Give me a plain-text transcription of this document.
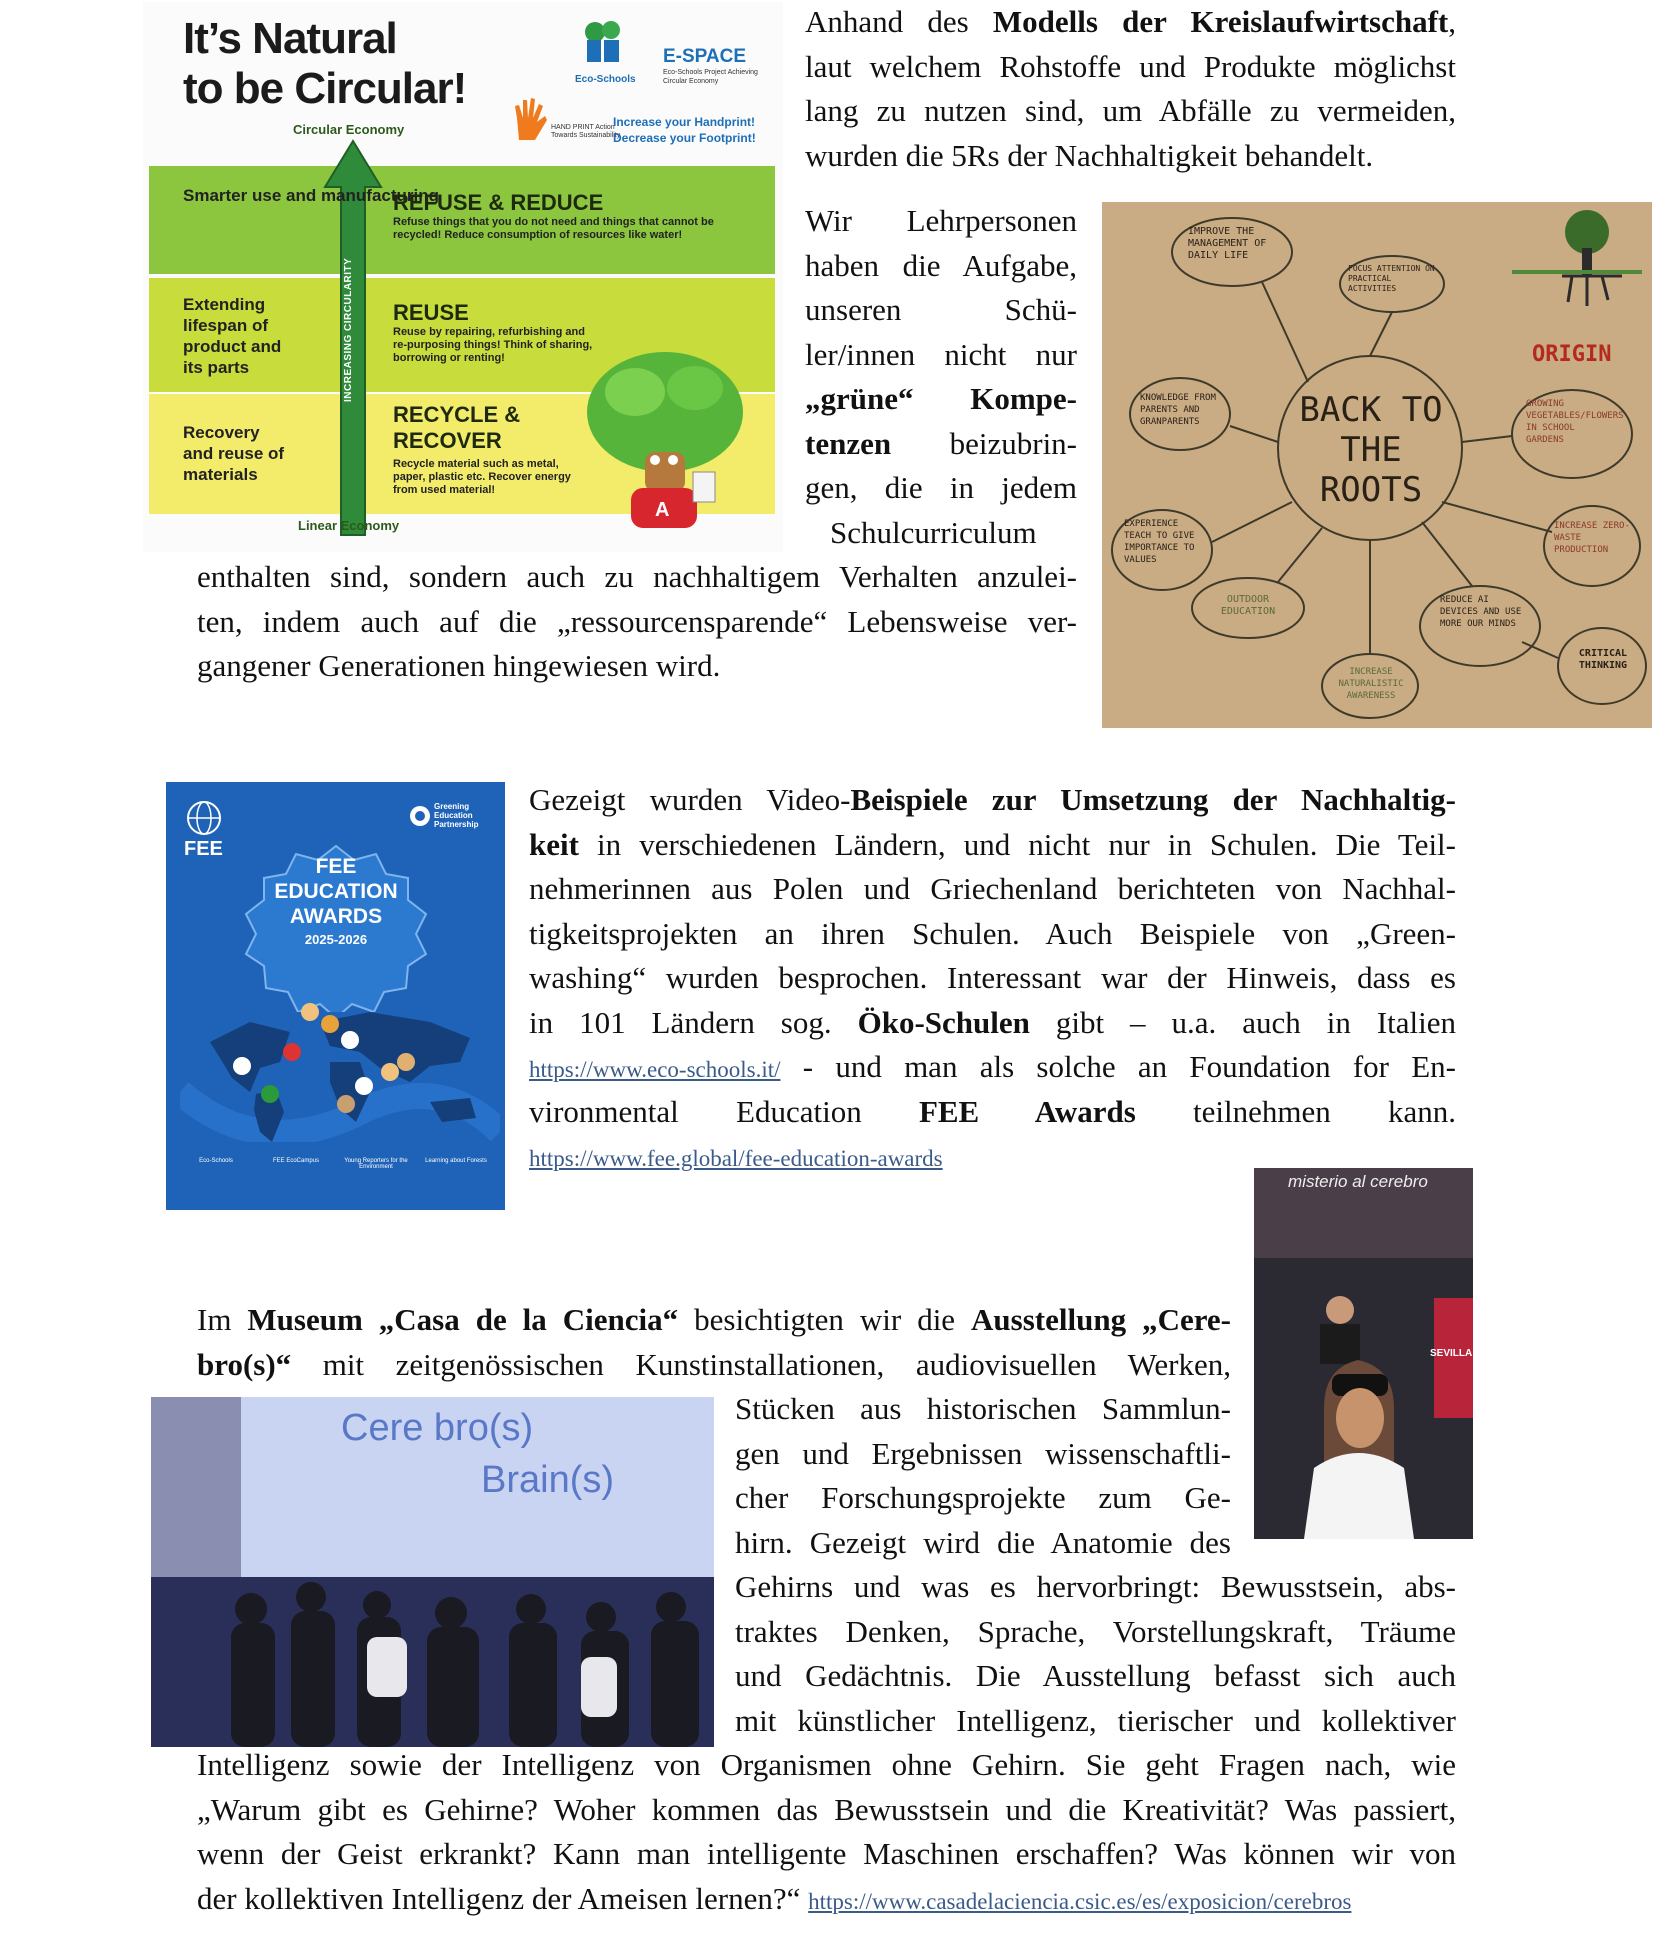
It’s Natural
to be Circular!	Eco-Schools
E-SPACE
Eco-Schools Project Achieving Circular Economy
HAND PRINT Action Towards Sustainability
Increase your Handprint!
Decrease your Footprint!
Circular Economy
INCREASING CIRCULARITY
Smarter use and manufacturing
REFUSE & REDUCE
Refuse things that you do not need and things that cannot be recycled! Reduce consumption of resources like water!
Extending lifespan of product and its parts
REUSE
Reuse by repairing, refurbishing and re-purposing things! Think of sharing, borrowing or renting!
Recovery and reuse of materials
RECYCLE & RECOVER
Recycle material such as metal, paper, plastic etc. Recover energy from used material!
A
Linear Economy
Anhand des Modells der Kreislaufwirtschaft,
laut welchem Rohstoffe und Produkte möglichst
lang zu nutzen sind, um Abfälle zu vermeiden,
wurden die 5Rs der Nachhaltigkeit behandelt.
Wir Lehrpersonen
haben die Aufgabe,
unseren Schü-
ler/innen nicht nur
„grüne“ Kompe-
tenzen beizubrin-
gen, die in jedem
Schulcurriculum
enthalten sind, sondern auch zu nachhaltigem Verhalten anzulei-
ten, indem auch auf die „ressourcensparende“ Lebensweise ver-
gangener Generationen hingewiesen wird.
BACK TO THE ROOTS
ORIGIN
IMPROVE THE MANAGEMENT OF DAILY LIFE
FOCUS ATTENTION ON PRACTICAL ACTIVITIES
KNOWLEDGE FROM PARENTS AND GRANPARENTS
GROWING VEGETABLES/FLOWERS IN SCHOOL GARDENS
EXPERIENCE TEACH TO GIVE IMPORTANCE TO VALUES
INCREASE ZERO-WASTE PRODUCTION
OUTDOOR EDUCATION
REDUCE AI DEVICES AND USE MORE OUR MINDS
CRITICAL THINKING
INCREASE NATURALISTIC AWARENESS
FEE
Greening Education Partnership
FEE
EDUCATION
AWARDS
2025-2026
Eco-Schools	FEE EcoCampus	Young Reporters for the Environment
Learning about Forests
Gezeigt wurden Video-Beispiele zur Umsetzung der Nachhaltig-
keit in verschiedenen Ländern, und nicht nur in Schulen. Die Teil-
nehmerinnen aus Polen und Griechenland berichteten von Nachhal-
tigkeitsprojekten an ihren Schulen. Auch Beispiele von „Green-
washing“ wurden besprochen. Interessant war der Hinweis, dass es
in 101 Ländern sog. Öko-Schulen gibt – u.a. auch in Italien
https://www.eco-schools.it/ - und man als solche an Foundation for En-
vironmental Education FEE Awards teilnehmen kann.
https://www.fee.global/fee-education-awards
misterio al cerebro
SEVILLA
Im Museum „Casa de la Ciencia“ besichtigten wir die Ausstellung „Cere-
bro(s)“ mit zeitgenössischen Kunstinstallationen, audiovisuellen Werken,
Stücken aus historischen Sammlun-
gen und Ergebnissen wissenschaftli-
cher Forschungsprojekte zum Ge-
hirn. Gezeigt wird die Anatomie des
Gehirns und was es hervorbringt: Bewusstsein, abs-
traktes Denken, Sprache, Vorstellungskraft, Träume
und Gedächtnis. Die Ausstellung befasst sich auch
mit künstlicher Intelligenz, tierischer und kollektiver
Intelligenz sowie der Intelligenz von Organismen ohne Gehirn. Sie geht Fragen nach, wie
„Warum gibt es Gehirne? Woher kommen das Bewusstsein und die Kreativität? Was passiert,
wenn der Geist erkrankt? Kann man intelligente Maschinen erschaffen? Was können wir von
der kollektiven Intelligenz der Ameisen lernen?“ https://www.casadelaciencia.csic.es/es/exposicion/cerebros
Cere bro(s)
Brain(s)
